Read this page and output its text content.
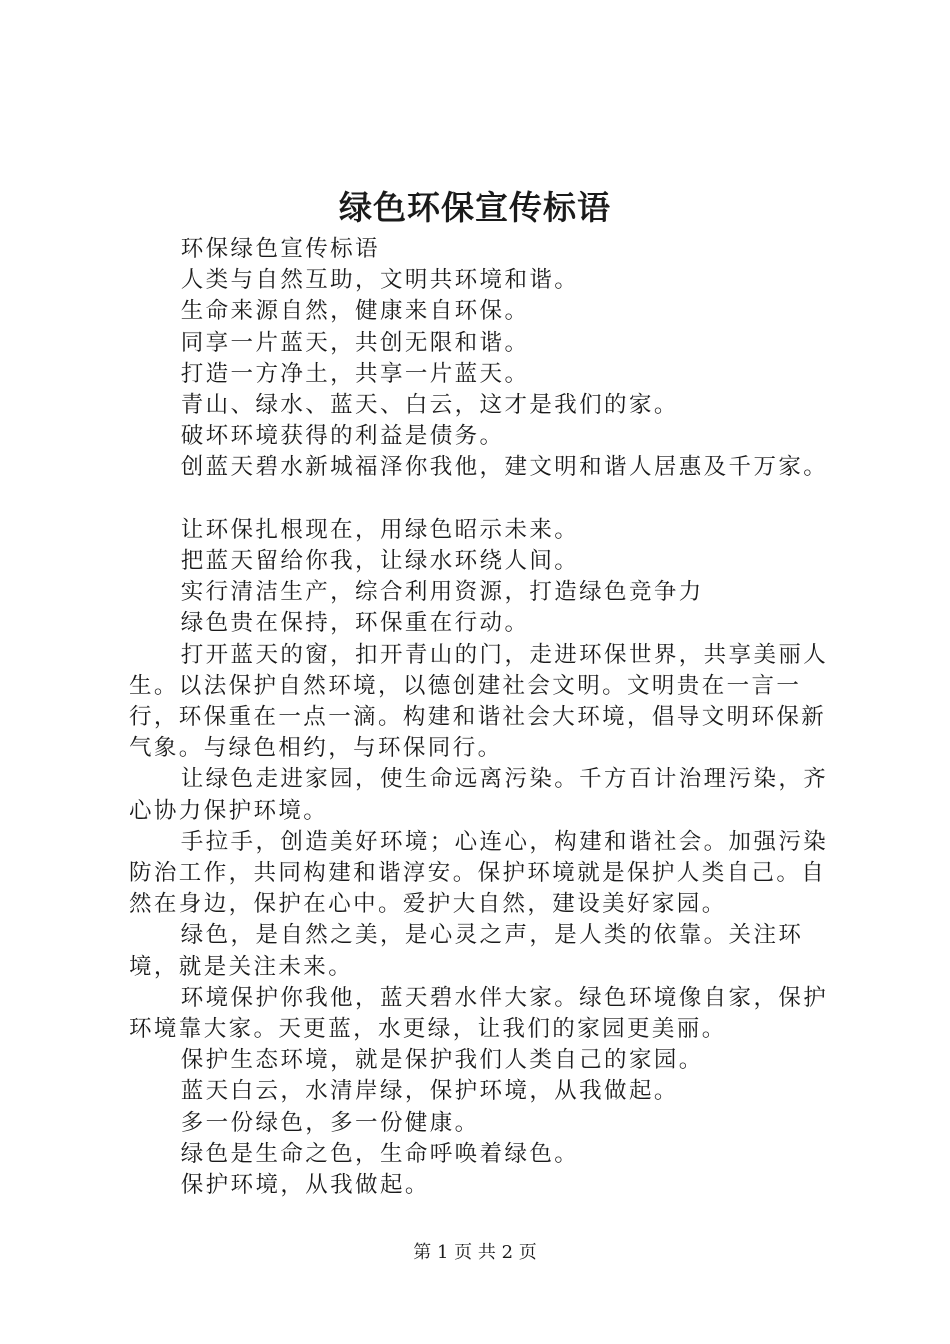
绿色环保宣传标语

环保绿色宣传标语

人类与自然互助，文明共环境和谐。

生命来源自然，健康来自环保。

同享一片蓝天，共创无限和谐。

打造一方净土，共享一片蓝天。

青山、绿水、蓝天、白云，这才是我们的家。

破坏环境获得的利益是债务。

创蓝天碧水新城福泽你我他，建文明和谐人居惠及千万家。

让环保扎根现在，用绿色昭示未来。

把蓝天留给你我，让绿水环绕人间。

实行清洁生产，综合利用资源，打造绿色竞争力

绿色贵在保持，环保重在行动。

打开蓝天的窗，扣开青山的门，走进环保世界，共享美丽人生。以法保护自然环境，以德创建社会文明。文明贵在一言一行，环保重在一点一滴。构建和谐社会大环境，倡导文明环保新气象。与绿色相约，与环保同行。

让绿色走进家园，使生命远离污染。千方百计治理污染，齐心协力保护环境。

手拉手，创造美好环境；心连心，构建和谐社会。加强污染防治工作，共同构建和谐淳安。保护环境就是保护人类自己。自然在身边，保护在心中。爱护大自然，建设美好家园。

绿色，是自然之美，是心灵之声，是人类的依靠。关注环境，就是关注未来。

环境保护你我他，蓝天碧水伴大家。绿色环境像自家，保护环境靠大家。天更蓝，水更绿，让我们的家园更美丽。

保护生态环境，就是保护我们人类自己的家园。

蓝天白云，水清岸绿，保护环境，从我做起。

多一份绿色，多一份健康。

绿色是生命之色，生命呼唤着绿色。

保护环境，从我做起。

第 1 页 共 2 页
